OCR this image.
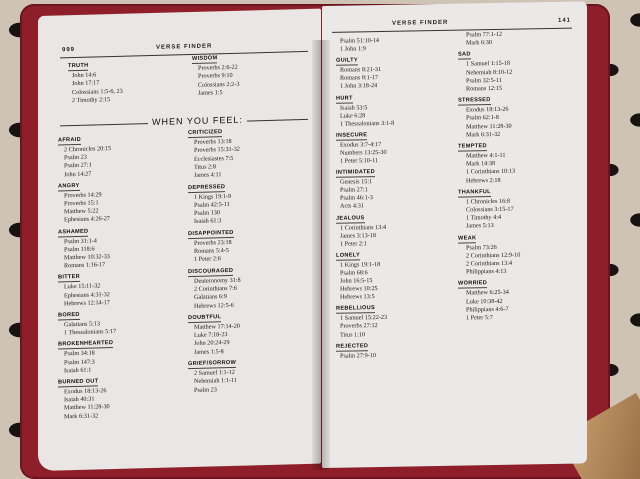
999	VERSE FINDER
WHEN YOU FEEL:
TRUTH
John 14:6
John 17:17
Colossians 1:5-6, 23
2 Timothy 2:15
WISDOM
Proverbs 2:6-22
Proverbs 9:10
Colossians 2:2-3
James 1:5
AFRAID
2 Chronicles 20:15
Psalm 23
Psalm 27:1
John 14:27
ANGRY
Proverbs 14:29
Proverbs 15:1
Matthew 5:22
Ephesians 4:26-27
ASHAMED
Psalm 31:1-4
Psalm 118:6
Matthew 10:32-33
Romans 1:16-17
BITTER
Luke 15:11-32
Ephesians 4:31-32
Hebrews 12:14-17
BORED
Galatians 5:13
1 Thessalonians 5:17
BROKENHEARTED
Psalm 34:18
Psalm 147:3
Isaiah 61:1
BURNED OUT
Exodus 18:13-26
Isaiah 40:31
Matthew 11:28-30
Mark 6:31-32
CRITICIZED
Proverbs 13:18
Proverbs 15:31-32
Ecclesiastes 7:5
Titus 2:8
James 4:11
DEPRESSED
1 Kings 19:1-9
Psalm 42:5-11
Psalm 130
Isaiah 61:3
DISAPPOINTED
Proverbs 23:18
Romans 5:4-5
1 Peter 2:6
DISCOURAGED
Deuteronomy 31:8
2 Corinthians 7:6
Galatians 6:9
Hebrews 12:5-6
DOUBTFUL
Matthew 17:14-20
Luke 7:18-23
John 20:24-29
James 1:5-8
GRIEF/SORROW
2 Samuel 1:1-12
Nehemiah 1:1-11
Psalm 23
VERSE FINDER	141
Psalm 51:10-14
1 John 1:9
GUILTY
Romans 8:21-31
Romans 8:1-17
1 John 3:18-24
HURT
Isaiah 53:5
Luke 6:28
1 Thessalonians 3:1-8
INSECURE
Exodus 3:7-4:17
Numbers 13:25-30
1 Peter 5:10-11
INTIMIDATED
Genesis 15:1
Psalm 27:1
Psalm 46:1-3
Acts 4:31
JEALOUS
1 Corinthians 13:4
James 3:13-18
1 Peter 2:1
LONELY
1 Kings 19:1-18
Psalm 68:6
John 16:5-15
Hebrews 10:25
Hebrews 13:5
REBELLIOUS
1 Samuel 15:22-23
Proverbs 27:12
Titus 1:10
REJECTED
Psalm 27:9-10
Psalm 77:1-12
Mark 6:30
SAD
1 Samuel 1:15-18
Nehemiah 8:10-12
Psalm 32:5-11
Romans 12:15
STRESSED
Exodus 18:13-26
Psalm 62:1-8
Matthew 11:28-30
Mark 6:31-32
TEMPTED
Matthew 4:1-11
Mark 14:38
1 Corinthians 10:13
Hebrews 2:18
THANKFUL
1 Chronicles 16:8
Colossians 3:15-17
1 Timothy 4:4
James 5:13
WEAK
Psalm 73:26
2 Corinthians 12:9-10
2 Corinthians 13:4
Philippians 4:13
WORRIED
Matthew 6:25-34
Luke 10:38-42
Philippians 4:6-7
1 Peter 5:7
